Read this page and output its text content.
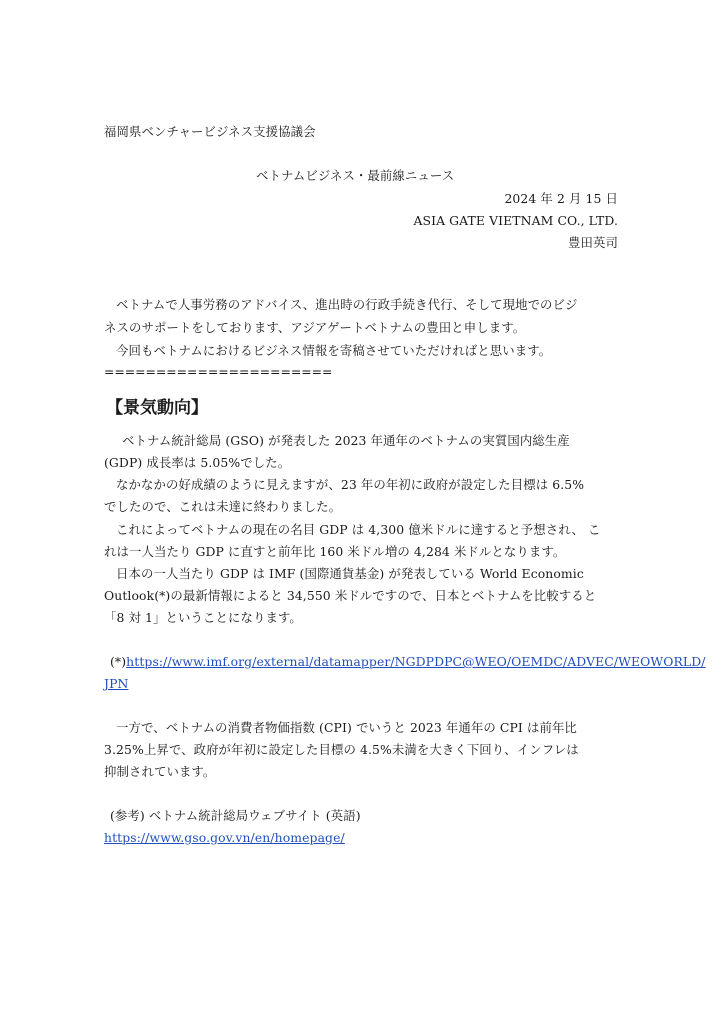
福岡県ベンチャービジネス支援協議会
ベトナムビジネス・最前線ニュース
2024 年 2 月 15 日
ASIA GATE VIETNAM CO., LTD.
豊田英司
ベトナムで人事労務のアドバイス、進出時の行政手続き代行、そして現地でのビジ
ネスのサポートをしております、アジアゲートベトナムの豊田と申します。
今回もベトナムにおけるビジネス情報を寄稿させていただければと思います。
======================
【景気動向】
ベトナム統計総局 (GSO) が発表した 2023 年通年のベトナムの実質国内総生産
(GDP) 成長率は 5.05%でした。
なかなかの好成績のように見えますが、23 年の年初に政府が設定した目標は 6.5%
でしたので、これは未達に終わりました。
これによってベトナムの現在の名目 GDP は 4,300 億米ドルに達すると予想され、 こ
れは一人当たり GDP に直すと前年比 160 米ドル増の 4,284 米ドルとなります。
日本の一人当たり GDP は IMF (国際通貨基金) が発表している World Economic
Outlook(*)の最新情報によると 34,550 米ドルですので、日本とベトナムを比較すると
「8 対 1」ということになります。
(*)https://www.imf.org/external/datamapper/NGDPDPC@WEO/OEMDC/ADVEC/WEOWORLD/
JPN
一方で、ベトナムの消費者物価指数 (CPI) でいうと 2023 年通年の CPI は前年比
3.25%上昇で、政府が年初に設定した目標の 4.5%未満を大きく下回り、インフレは
抑制されています。
(参考) ベトナム統計総局ウェブサイト (英語)
https://www.gso.gov.vn/en/homepage/
